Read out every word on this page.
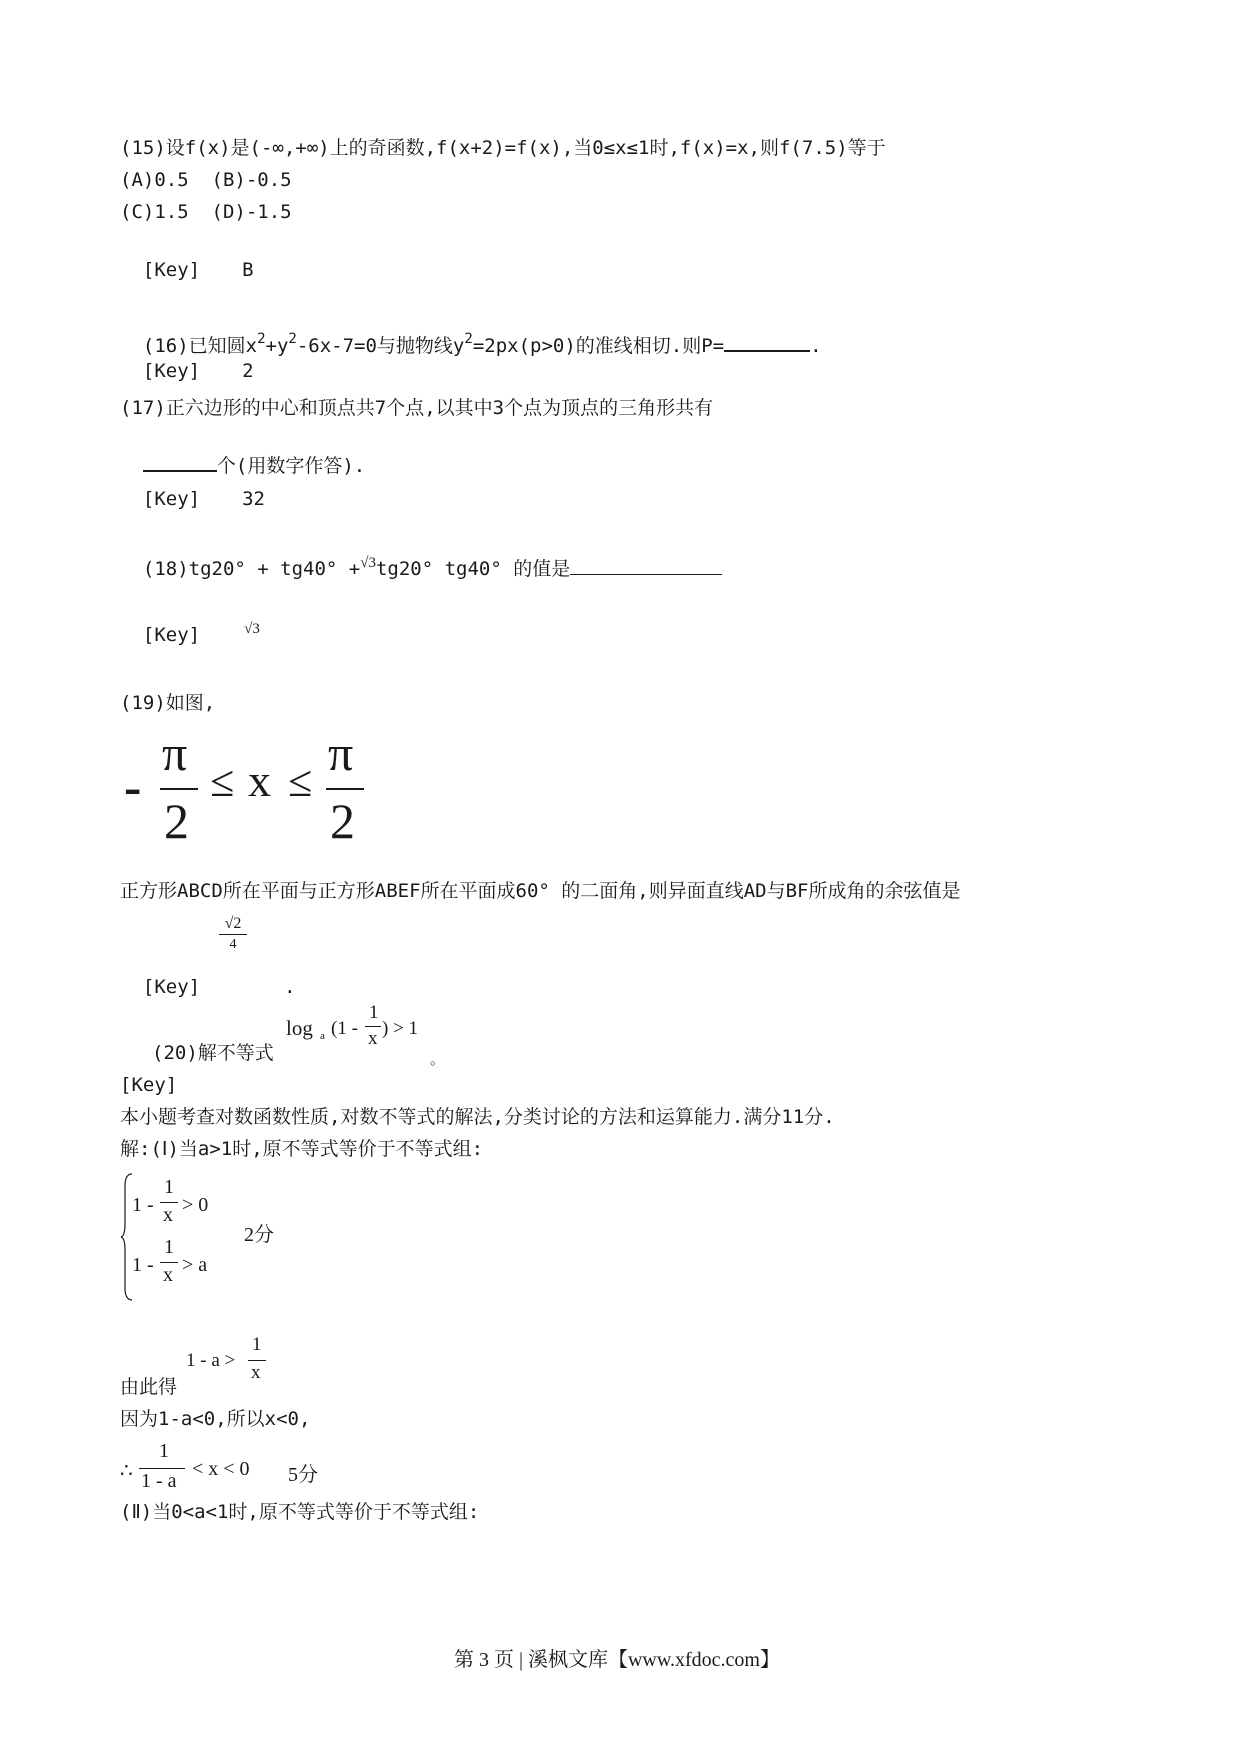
(15)设f(x)是(-∞,+∞)上的奇函数,f(x+2)=f(x),当0≤x≤1时,f(x)=x,则f(7.5)等于
(A)0.5  (B)-0.5
(C)1.5  (D)-1.5

[Key] B

(16)已知圆$x^2+y^2-6x-7=0$与抛物线$y^2=2px(p>0)$的准线相切.则P=	.

[Key] 2

(17)正六边形的中心和顶点共7个点,以其中3个点为顶点的三角形共有

个(用数字作答).

[Key] 32

(18)tg20° + tg40° +$^{√3}$tg20° tg40° 的值是

[Key]	$^{√3}$

(19)如图,
-
π
2
≤ x ≤
π
2
正方形ABCD所在平面与正方形ABEF所在平面成60° 的二面角,则异面直线AD与BF所成角的余弦值是
√2
4

[Key]	.

(20)解不等式
log a (1 -
1
x ) > 1
。
[Key]
本小题考查对数函数性质,对数不等式的解法,分类讨论的方法和运算能力.满分11分.
解:(Ⅰ)当a>1时,原不等式等价于不等式组:
1 -
1
x > 0
1 -
1
x > a
2分
1 - a >
1
x
由此得
因为1-a<0,所以x<0,
∴
1
1 - a
< x < 0 5分
(Ⅱ)当0<a<1时,原不等式等价于不等式组:
第 3 页 | 溪枫文库【www.xfdoc.com】
